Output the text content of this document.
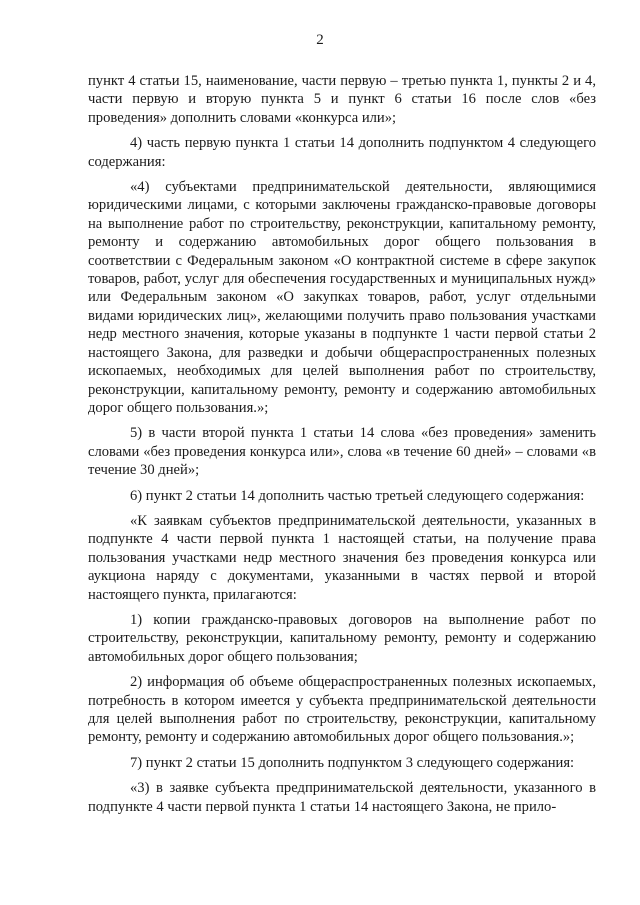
2

пункт 4 статьи 15, наименование, части первую – третью пункта 1, пункты 2 и 4, части первую и вторую пункта 5 и пункт 6 статьи 16 после слов «без проведения» дополнить словами «конкурса или»;

4) часть первую пункта 1 статьи 14 дополнить подпунктом 4 следующего содержания:

«4) субъектами предпринимательской деятельности, являющимися юридическими лицами, с которыми заключены гражданско-правовые договоры на выполнение работ по строительству, реконструкции, капитальному ремонту, ремонту и содержанию автомобильных дорог общего пользования в соответствии с Федеральным законом «О контрактной системе в сфере закупок товаров, работ, услуг для обеспечения государственных и муниципальных нужд» или Федеральным законом «О закупках товаров, работ, услуг отдельными видами юридических лиц», желающими получить право пользования участками недр местного значения, которые указаны в подпункте 1 части первой статьи 2 настоящего Закона, для разведки и добычи общераспространенных полезных ископаемых, необходимых для целей выполнения работ по строительству, реконструкции, капитальному ремонту, ремонту и содержанию автомобильных дорог общего пользования.»;

5) в части второй пункта 1 статьи 14 слова «без проведения» заменить словами «без проведения конкурса или», слова «в течение 60 дней» – словами «в течение 30 дней»;

6) пункт 2 статьи 14 дополнить частью третьей следующего содержания:

«К заявкам субъектов предпринимательской деятельности, указанных в подпункте 4 части первой пункта 1 настоящей статьи, на получение права пользования участками недр местного значения без проведения конкурса или аукциона наряду с документами, указанными в частях первой и второй настоящего пункта, прилагаются:

1) копии гражданско-правовых договоров на выполнение работ по строительству, реконструкции, капитальному ремонту, ремонту и содержанию автомобильных дорог общего пользования;

2) информация об объеме общераспространенных полезных ископаемых, потребность в котором имеется у субъекта предпринимательской деятельности для целей выполнения работ по строительству, реконструкции, капитальному ремонту, ремонту и содержанию автомобильных дорог общего пользования.»;

7) пункт 2 статьи 15 дополнить подпунктом 3 следующего содержания:

«3) в заявке субъекта предпринимательской деятельности, указанного в подпункте 4 части первой пункта 1 статьи 14 настоящего Закона, не прило-
